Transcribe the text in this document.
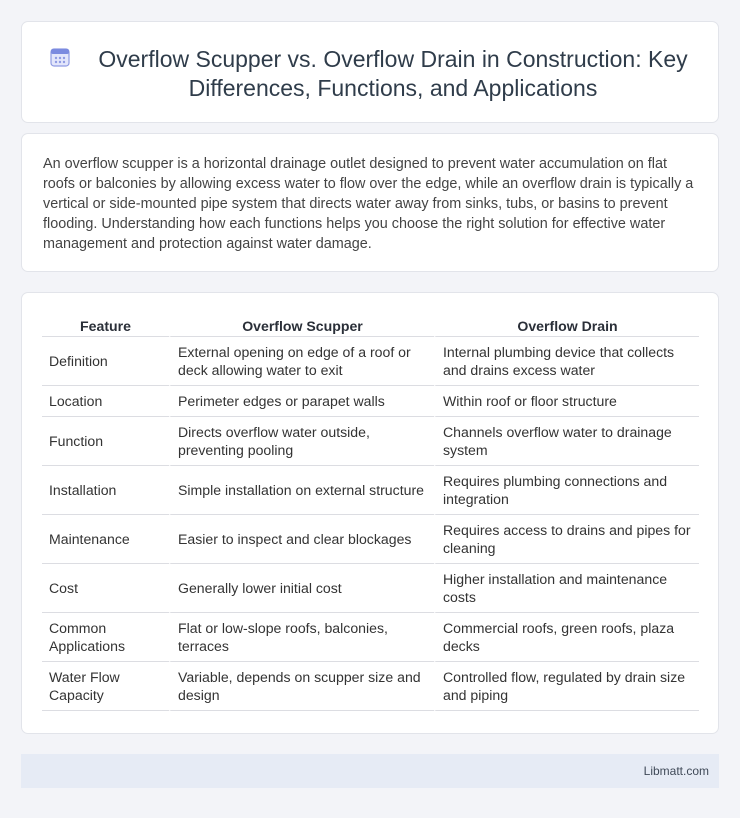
Overflow Scupper vs. Overflow Drain in Construction: Key Differences, Functions, and Applications

An overflow scupper is a horizontal drainage outlet designed to prevent water accumulation on flat roofs or balconies by allowing excess water to flow over the edge, while an overflow drain is typically a vertical or side-mounted pipe system that directs water away from sinks, tubs, or basins to prevent flooding. Understanding how each functions helps you choose the right solution for effective water management and protection against water damage.

Feature	Overflow Scupper	Overflow Drain
Definition	External opening on edge of a roof or deck allowing water to exit	Internal plumbing device that collects and drains excess water
Location	Perimeter edges or parapet walls	Within roof or floor structure
Function	Directs overflow water outside, preventing pooling	Channels overflow water to drainage system
Installation	Simple installation on external structure	Requires plumbing connections and integration
Maintenance	Easier to inspect and clear blockages	Requires access to drains and pipes for cleaning
Cost	Generally lower initial cost	Higher installation and maintenance costs
Common Applications	Flat or low-slope roofs, balconies, terraces	Commercial roofs, green roofs, plaza decks
Water Flow Capacity	Variable, depends on scupper size and design	Controlled flow, regulated by drain size and piping
Libmatt.com
